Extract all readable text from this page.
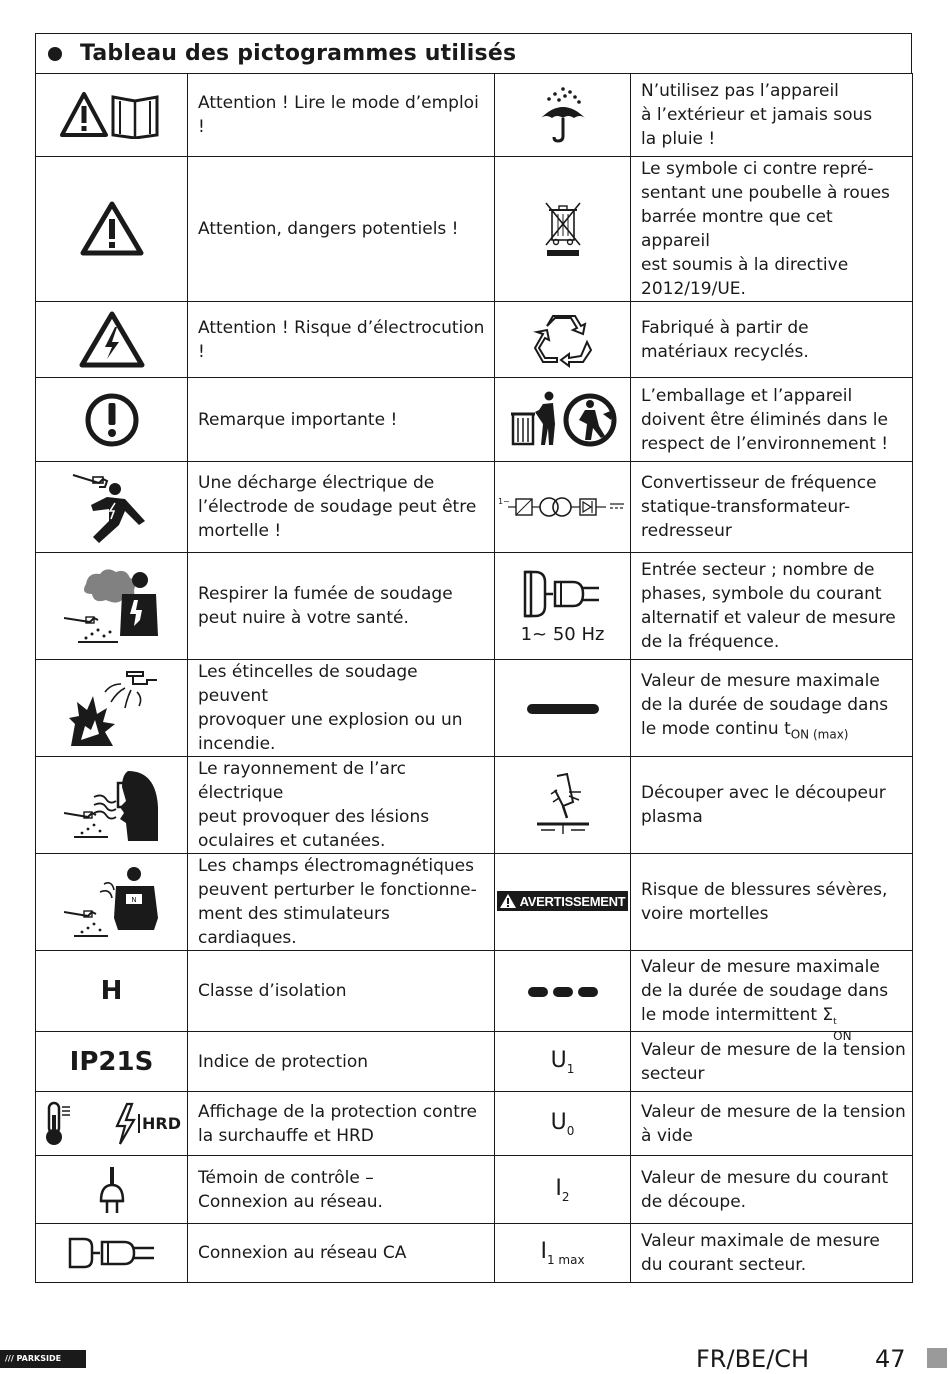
Tableau des pictogrammes utilisés
	Attention ! Lire le mode d’emploi !		N’utilisez pas l’appareil
à l’extérieur et jamais sous
la pluie !
	Attention, dangers potentiels !		Le symbole ci contre repré-
sentant une poubelle à roues
barrée montre que cet appareil
est soumis à la directive
2012/19/UE.
	Attention ! Risque d’électrocution !		Fabriqué à partir de
matériaux recyclés.
	Remarque importante !		L’emballage et l’appareil
doivent être éliminés dans le
respect de l’environnement !
	Une décharge électrique de
l’électrode de soudage peut être
mortelle !	1~	Convertisseur de fréquence
statique-transformateur-
redresseur
	Respirer la fumée de soudage
peut nuire à votre santé.	1~ 50 Hz	Entrée secteur ; nombre de
phases, symbole du courant
alternatif et valeur de mesure
de la fréquence.
	Les étincelles de soudage peuvent
provoquer une explosion ou un
incendie.		Valeur de mesure maximale
de la durée de soudage dans
le mode continu $t_{ON (max)}$
	Le rayonnement de l’arc électrique
peut provoquer des lésions
oculaires et cutanées.		Découper avec le découpeur
plasma

N	Les champs électromagnétiques
peuvent perturber le fonctionne-
ment des stimulateurs cardiaques.	AVERTISSEMENT	Risque de blessures sévères,
voire mortelles
H	Classe d’isolation		Valeur de mesure maximale
de la durée de soudage dans
le mode intermittent Σ t
ON

IP21S	Indice de protection	$U_1$	Valeur de mesure de la tension
secteur

HRD	Affichage de la protection contre
la surchauffe et HRD	$U_0$	Valeur de mesure de la tension
à vide
	Témoin de contrôle –
Connexion au réseau.	$I_2$	Valeur de mesure du courant
de découpe.
	Connexion au réseau CA	$I_{1 max}$	Valeur maximale de mesure
du courant secteur.
/// PARKSIDE	FR/BE/CH	47
